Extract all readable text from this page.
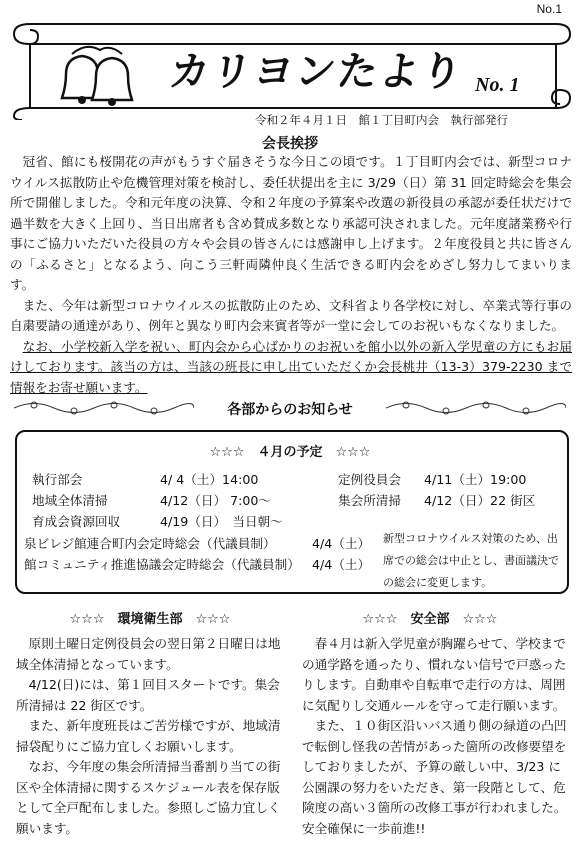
No.1
カリヨンたより No. 1
令和２年４月１日　館１丁目町内会　執行部発行
会長挨拶

冠省、館にも桜開花の声がもうすぐ届きそうな今日この頃です。１丁目町内会では、新型コロナウイルス拡散防止や危機管理対策を検討し、委任状提出を主に 3/29（日）第 31 回定時総会を集会所で開催しました。令和元年度の決算、令和２年度の予算案や改選の新役員の承認が委任状だけで過半数を大きく上回り、当日出席者も含め賛成多数となり承認可決されました。元年度諸業務や行事にご協力いただいた役員の方々や会員の皆さんには感謝申し上げます。２年度役員と共に皆さんの「ふるさと」となるよう、向こう三軒両隣仲良く生活できる町内会をめざし努力してまいります。

また、今年は新型コロナウイルスの拡散防止のため、文科省より各学校に対し、卒業式等行事の自粛要請の通達があり、例年と異なり町内会来賓者等が一堂に会してのお祝いもなくなりました。

なお、小学校新入学を祝い、町内会から心ばかりのお祝いを館小以外の新入学児童の方にもお届けしております。該当の方は、当該の班長に申し出ていただくか会長桃井（13-3）379-2230 まで情報をお寄せ願います。

各部からのお知らせ
☆☆☆　４月の予定　☆☆☆
執行部会	4/ 4（土）14:00	定例役員会 4/11（土）19:00
地域全体清掃	4/12（日） 7:00～	集会所清掃 4/12（日）22 街区
育成会資源回収	4/19（日）　当日朝～
泉ビレジ館連合町内会定時総会（代議員制）	4/4（土）
館コミュニティ推進協議会定時総会（代議員制） 4/4（土）
新型コロナウイルス対策のため、出席での総会は中止とし、書面議決での総会に変更します。
☆☆☆　環境衛生部　☆☆☆

原則土曜日定例役員会の翌日第２日曜日は地域全体清掃となっています。

4/12(日)には、第１回目スタートです。集会所清掃は 22 街区です。

また、新年度班長はご苦労様ですが、地域清掃袋配りにご協力宜しくお願いします。

なお、今年度の集会所清掃当番割り当ての街区や全体清掃に関するスケジュール表を保存版として全戸配布しました。参照しご協力宜しく願います。

☆☆☆　安全部　☆☆☆

春４月は新入学児童が胸躍らせて、学校までの通学路を通ったり、慣れない信号で戸惑ったりします。自動車や自転車で走行の方は、周囲に気配りし交通ルールを守って走行願います。

また、１０街区沿いバス通り側の緑道の凸凹で転倒し怪我の苦情があった箇所の改修要望をしておりましたが、予算の厳しい中、3/23 に公園課の努力をいただき、第一段階として、危険度の高い３箇所の改修工事が行われました。安全確保に一歩前進!!
